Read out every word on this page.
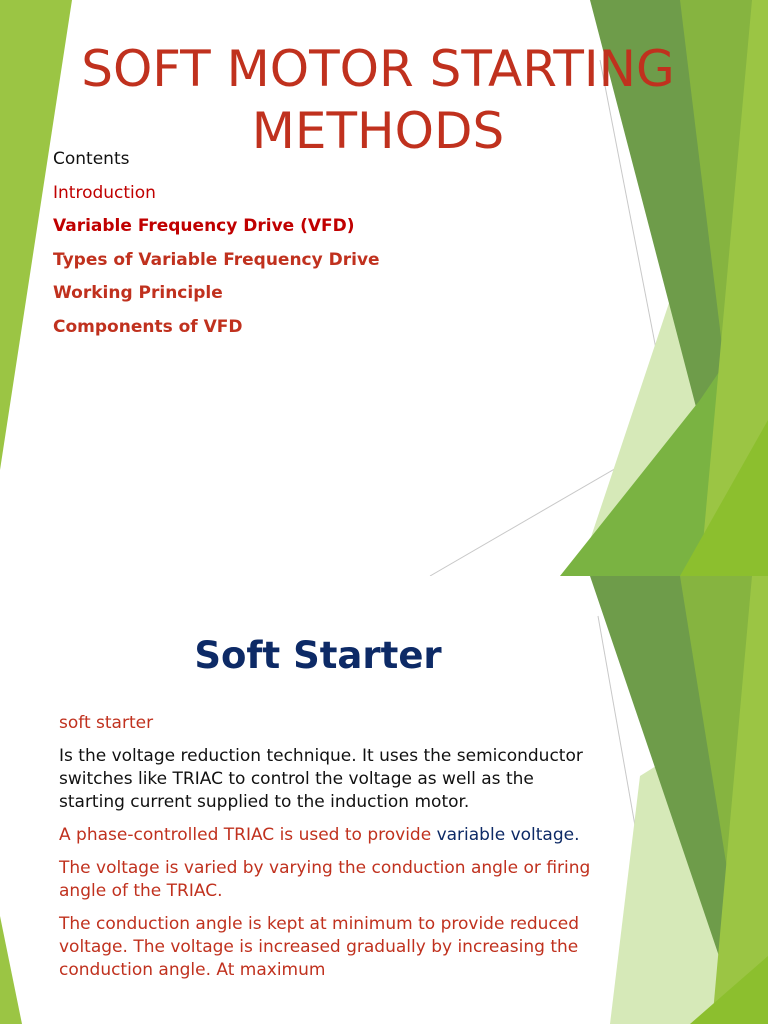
SOFT MOTOR STARTING METHODS
Contents
Introduction
Variable Frequency Drive (VFD)
Types of Variable Frequency Drive
Working Principle
Components of VFD
Soft Starter

soft starter

Is the voltage reduction technique. It uses the semiconductor switches like TRIAC to control the voltage as well as the starting current supplied to the induction motor.

A phase-controlled TRIAC is used to provide variable voltage.

The voltage is varied by varying the conduction angle or firing angle of the TRIAC.

The conduction angle is kept at minimum to provide reduced voltage. The voltage is increased gradually by increasing the conduction angle. At maximum
